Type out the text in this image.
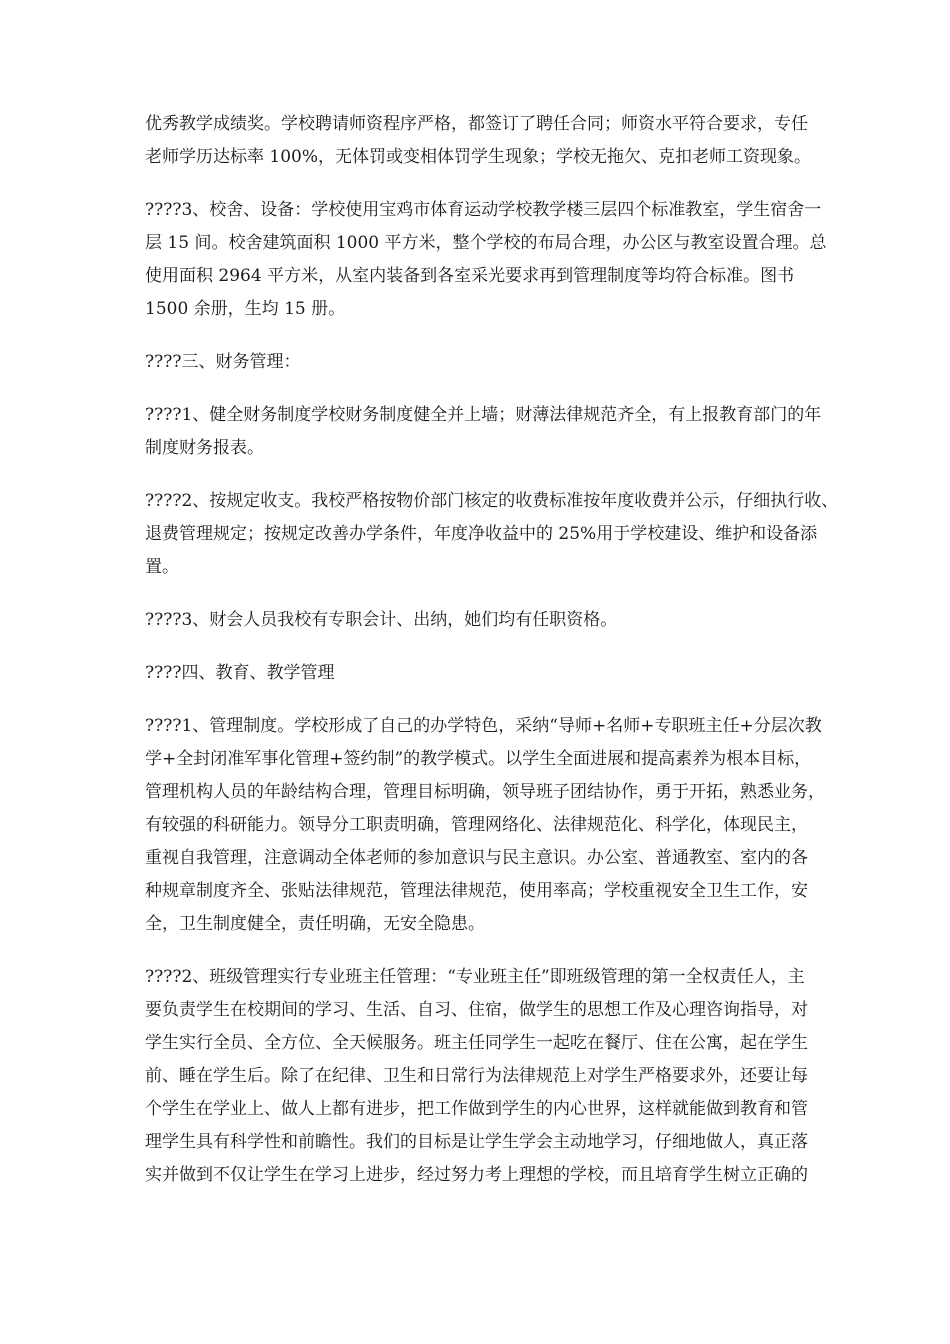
优秀教学成绩奖。学校聘请师资程序严格，都签订了聘任合同；师资水平符合要求，专任
老师学历达标率 100%，无体罚或变相体罚学生现象；学校无拖欠、克扣老师工资现象。
????3、校舍、设备：学校使用宝鸡市体育运动学校教学楼三层四个标准教室，学生宿舍一
层 15 间。校舍建筑面积 1000 平方米，整个学校的布局合理，办公区与教室设置合理。总
使用面积 2964 平方米，从室内装备到各室采光要求再到管理制度等均符合标准。图书
1500 余册，生均 15 册。
????三、财务管理：
????1、健全财务制度学校财务制度健全并上墙；财薄法律规范齐全，有上报教育部门的年
制度财务报表。
????2、按规定收支。我校严格按物价部门核定的收费标准按年度收费并公示，仔细执行收、
退费管理规定；按规定改善办学条件，年度净收益中的 25%用于学校建设、维护和设备添
置。
????3、财会人员我校有专职会计、出纳，她们均有任职资格。
????四、教育、教学管理
????1、管理制度。学校形成了自己的办学特色，采纳“导师+名师+专职班主任+分层次教
学+全封闭准军事化管理+签约制”的教学模式。以学生全面进展和提高素养为根本目标，
管理机构人员的年龄结构合理，管理目标明确，领导班子团结协作，勇于开拓，熟悉业务，
有较强的科研能力。领导分工职责明确，管理网络化、法律规范化、科学化，体现民主，
重视自我管理，注意调动全体老师的参加意识与民主意识。办公室、普通教室、室内的各
种规章制度齐全、张贴法律规范，管理法律规范，使用率高；学校重视安全卫生工作，安
全，卫生制度健全，责任明确，无安全隐患。
????2、班级管理实行专业班主任管理：“专业班主任”即班级管理的第一全权责任人，主
要负责学生在校期间的学习、生活、自习、住宿，做学生的思想工作及心理咨询指导，对
学生实行全员、全方位、全天候服务。班主任同学生一起吃在餐厅、住在公寓，起在学生
前、睡在学生后。除了在纪律、卫生和日常行为法律规范上对学生严格要求外，还要让每
个学生在学业上、做人上都有进步，把工作做到学生的内心世界，这样就能做到教育和管
理学生具有科学性和前瞻性。我们的目标是让学生学会主动地学习，仔细地做人，真正落
实并做到不仅让学生在学习上进步，经过努力考上理想的学校，而且培育学生树立正确的
